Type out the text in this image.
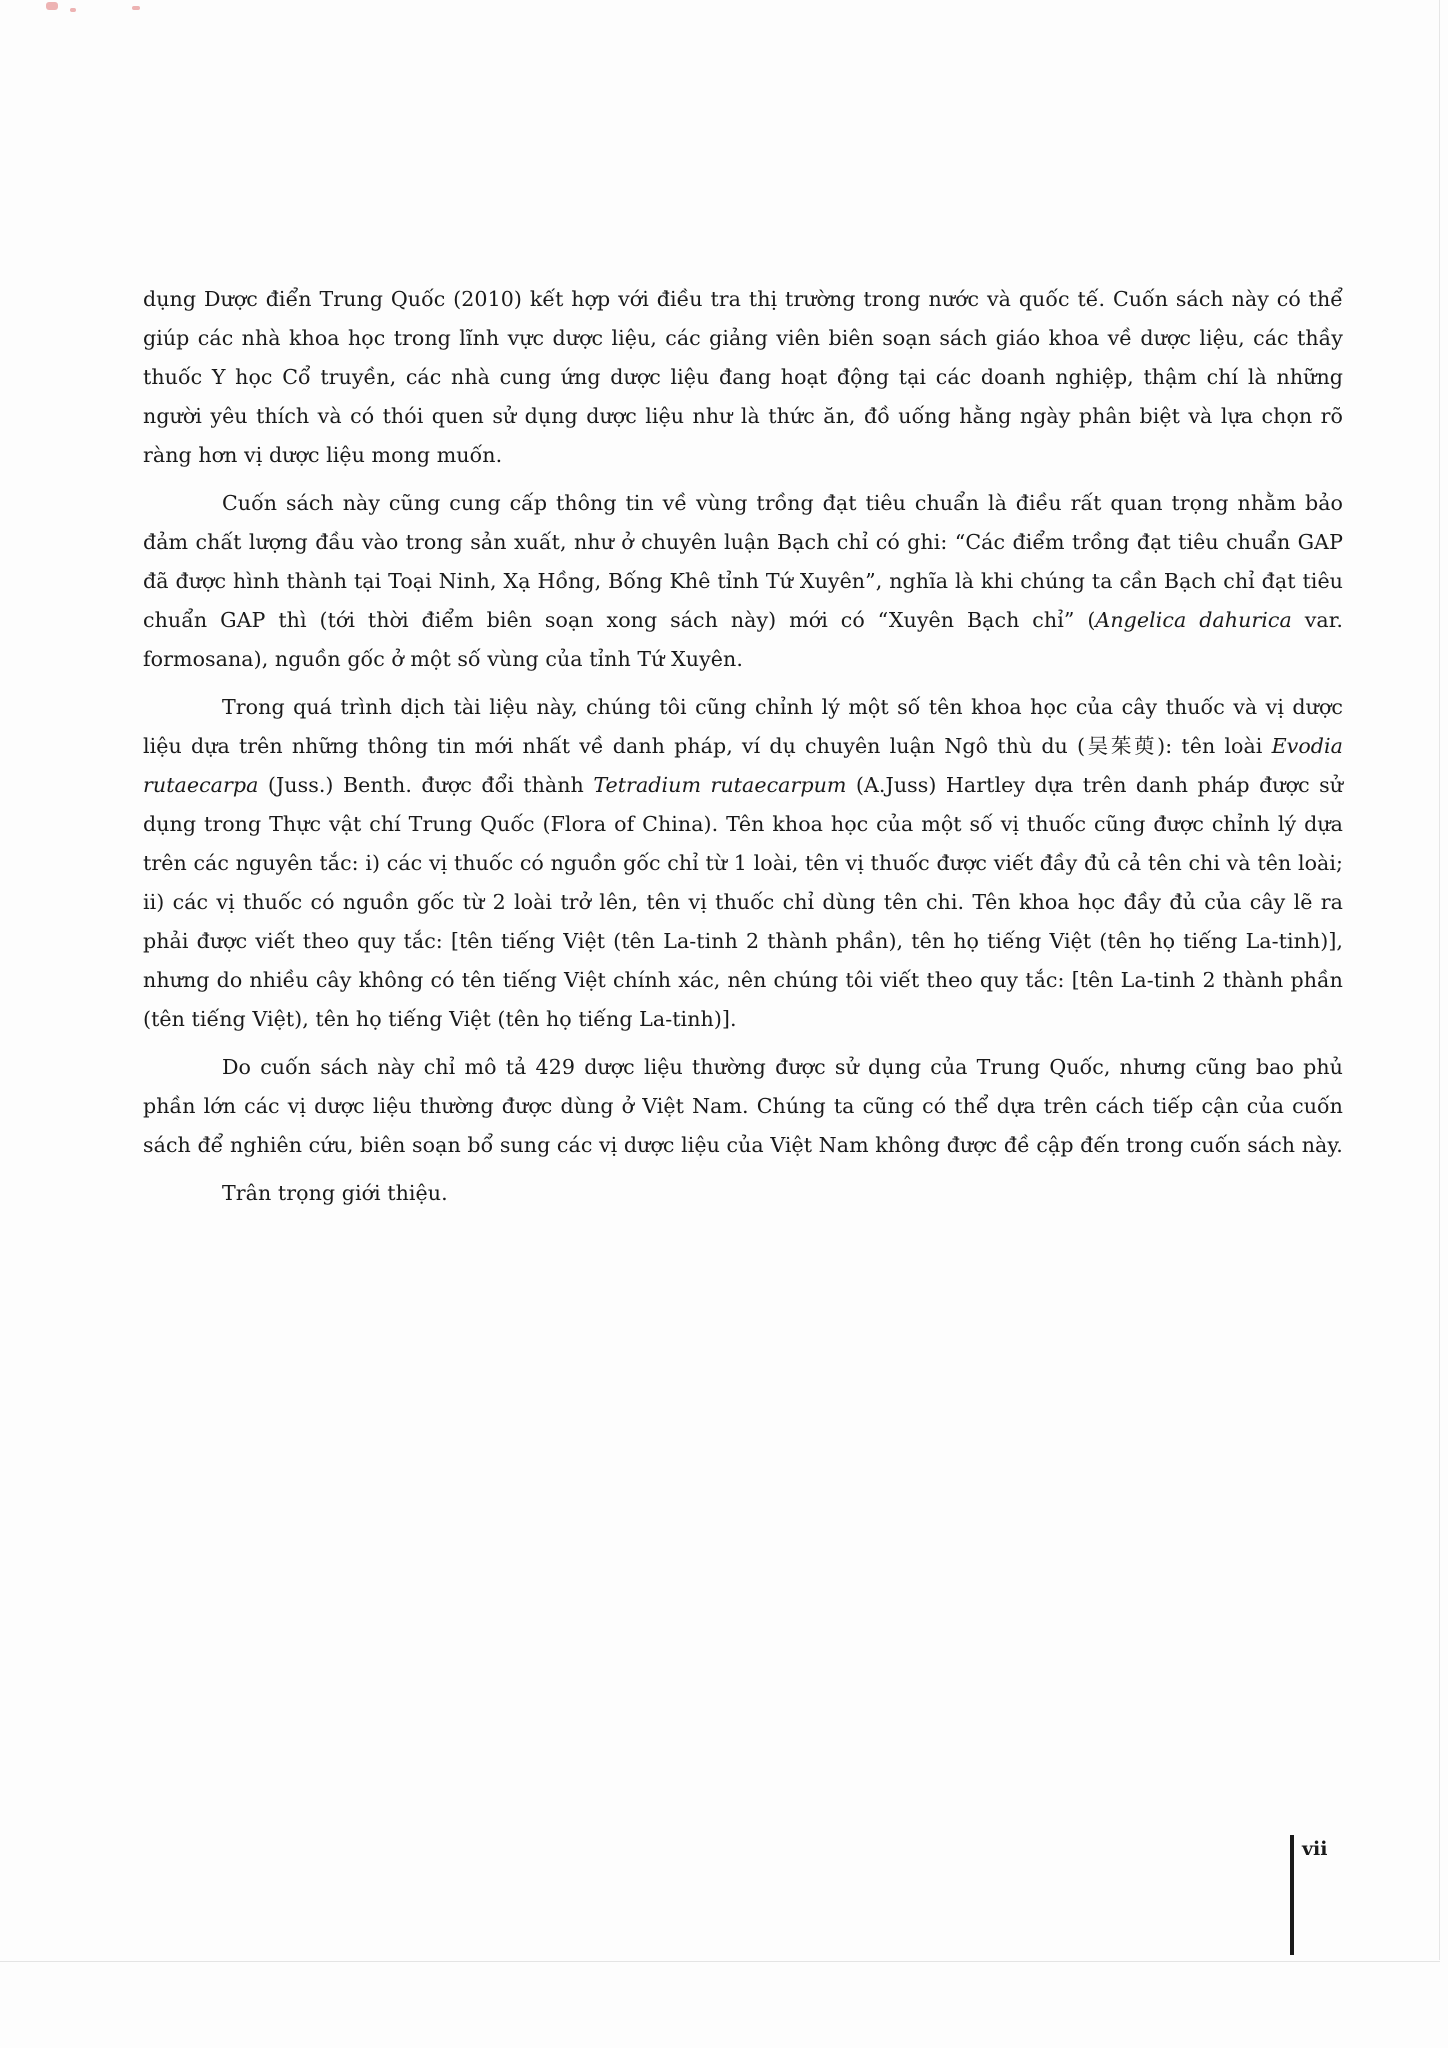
dụng Dược điển Trung Quốc (2010) kết hợp với điều tra thị trường trong nước và quốc tế. Cuốn sách này có thể giúp các nhà khoa học trong lĩnh vực dược liệu, các giảng viên biên soạn sách giáo khoa về dược liệu, các thầy thuốc Y học Cổ truyền, các nhà cung ứng dược liệu đang hoạt động tại các doanh nghiệp, thậm chí là những người yêu thích và có thói quen sử dụng dược liệu như là thức ăn, đồ uống hằng ngày phân biệt và lựa chọn rõ ràng hơn vị dược liệu mong muốn.

Cuốn sách này cũng cung cấp thông tin về vùng trồng đạt tiêu chuẩn là điều rất quan trọng nhằm bảo đảm chất lượng đầu vào trong sản xuất, như ở chuyên luận Bạch chỉ có ghi: “Các điểm trồng đạt tiêu chuẩn GAP đã được hình thành tại Toại Ninh, Xạ Hồng, Bống Khê tỉnh Tứ Xuyên”, nghĩa là khi chúng ta cần Bạch chỉ đạt tiêu chuẩn GAP thì (tới thời điểm biên soạn xong sách này) mới có “Xuyên Bạch chỉ” (Angelica dahurica var. formosana), nguồn gốc ở một số vùng của tỉnh Tứ Xuyên.

Trong quá trình dịch tài liệu này, chúng tôi cũng chỉnh lý một số tên khoa học của cây thuốc và vị dược liệu dựa trên những thông tin mới nhất về danh pháp, ví dụ chuyên luận Ngô thù du (吴茱萸): tên loài Evodia rutaecarpa (Juss.) Benth. được đổi thành Tetradium rutaecarpum (A.Juss) Hartley dựa trên danh pháp được sử dụng trong Thực vật chí Trung Quốc (Flora of China). Tên khoa học của một số vị thuốc cũng được chỉnh lý dựa trên các nguyên tắc: i) các vị thuốc có nguồn gốc chỉ từ 1 loài, tên vị thuốc được viết đầy đủ cả tên chi và tên loài; ii) các vị thuốc có nguồn gốc từ 2 loài trở lên, tên vị thuốc chỉ dùng tên chi. Tên khoa học đầy đủ của cây lẽ ra phải được viết theo quy tắc: [tên tiếng Việt (tên La-tinh 2 thành phần), tên họ tiếng Việt (tên họ tiếng La-tinh)], nhưng do nhiều cây không có tên tiếng Việt chính xác, nên chúng tôi viết theo quy tắc: [tên La-tinh 2 thành phần (tên tiếng Việt), tên họ tiếng Việt (tên họ tiếng La-tinh)].

Do cuốn sách này chỉ mô tả 429 dược liệu thường được sử dụng của Trung Quốc, nhưng cũng bao phủ phần lớn các vị dược liệu thường được dùng ở Việt Nam. Chúng ta cũng có thể dựa trên cách tiếp cận của cuốn sách để nghiên cứu, biên soạn bổ sung các vị dược liệu của Việt Nam không được đề cập đến trong cuốn sách này.

Trân trọng giới thiệu.

vii
